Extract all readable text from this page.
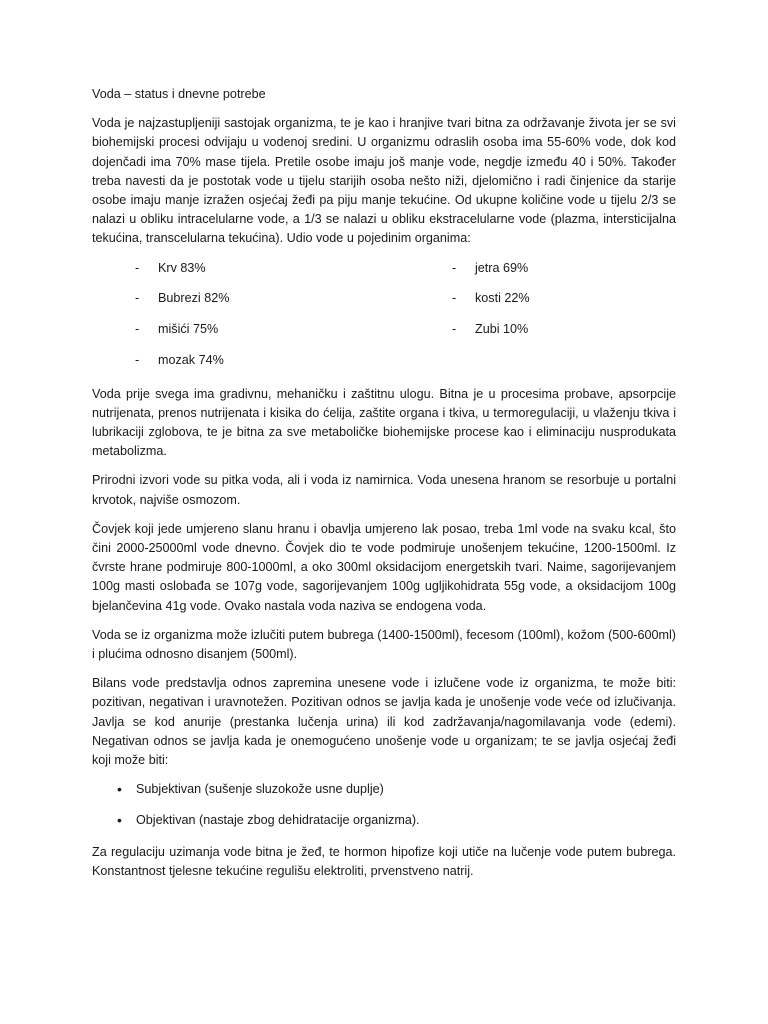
Voda – status i dnevne potrebe

Voda je najzastupljeniji sastojak organizma, te je kao i hranjive tvari bitna za održavanje života jer se svi biohemijski procesi odvijaju u vodenoj sredini. U organizmu odraslih osoba ima 55-60% vode, dok kod dojenčadi ima 70% mase tijela. Pretile osobe imaju još manje vode, negdje između 40 i 50%. Također treba navesti da je postotak vode u tijelu starijih osoba nešto niži, djelomično i radi činjenice da starije osobe imaju manje izražen osjećaj žeđi pa piju manje tekućine. Od ukupne količine vode u tijelu 2/3 se nalazi u obliku intracelularne vode, a 1/3 se nalazi u obliku ekstracelularne vode (plazma, intersticijalna tekućina, transcelularna tekućina). Udio vode u pojedinim organima:

- Krv 83%
- Bubrezi 82%
- mišići 75%
- mozak 74%
- jetra 69%
- kosti 22%
- Zubi 10%

Voda prije svega ima gradivnu, mehaničku i zaštitnu ulogu. Bitna je u procesima probave, apsorpcije nutrijenata, prenos nutrijenata i kisika do ćelija, zaštite organa i tkiva, u termoregulaciji, u vlaženju tkiva i lubrikaciji zglobova, te je bitna za sve metaboličke biohemijske procese kao i eliminaciju nusprodukata metabolizma.

Prirodni izvori vode su pitka voda, ali i voda iz namirnica. Voda unesena hranom se resorbuje u portalni krvotok, najviše osmozom.

Čovjek koji jede umjereno slanu hranu i obavlja umjereno lak posao, treba 1ml vode na svaku kcal, što čini 2000-25000ml vode dnevno. Čovjek dio te vode podmiruje unošenjem tekućine, 1200-1500ml. Iz čvrste hrane podmiruje 800-1000ml, a oko 300ml oksidacijom energetskih tvari. Naime, sagorijevanjem 100g masti oslobađa se 107g vode, sagorijevanjem 100g ugljikohidrata 55g vode, a oksidacijom 100g bjelančevina 41g vode. Ovako nastala voda naziva se endogena voda.

Voda se iz organizma može izlučiti putem bubrega (1400-1500ml), fecesom (100ml), kožom (500-600ml) i plućima odnosno disanjem (500ml).

Bilans vode predstavlja odnos zapremina unesene vode i izlučene vode iz organizma, te može biti: pozitivan, negativan i uravnotežen. Pozitivan odnos se javlja kada je unošenje vode veće od izlučivanja. Javlja se kod anurije (prestanka lučenja urina) ili kod zadržavanja/nagomilavanja vode (edemi). Negativan odnos se javlja kada je onemogućeno unošenje vode u organizam; te se javlja osjećaj žeđi koji može biti:

• Subjektivan (sušenje sluzokože usne duplje)
• Objektivan (nastaje zbog dehidratacije organizma).

Za regulaciju uzimanja vode bitna je žeđ, te hormon hipofize koji utiče na lučenje vode putem bubrega. Konstantnost tjelesne tekućine regulišu elektroliti, prvenstveno natrij.
